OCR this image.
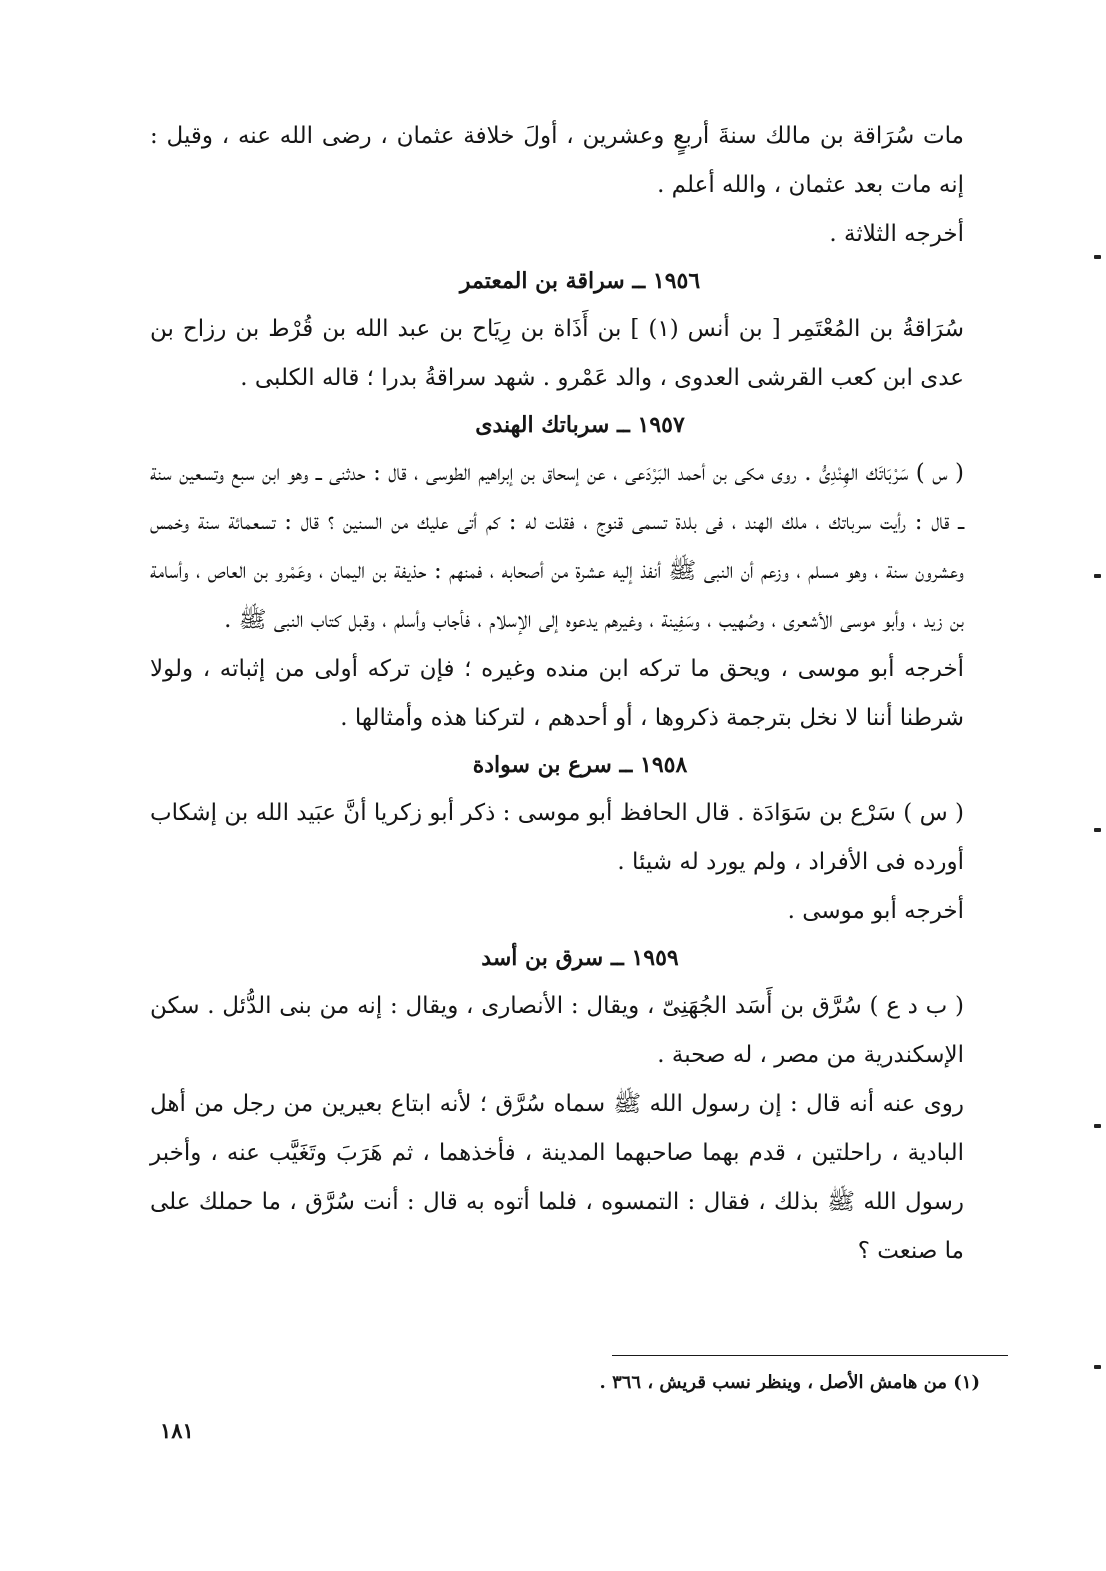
مات سُرَاقة بن مالك سنةَ أربعٍ وعشرين ، أولَ خلافة عثمان ، رضى الله عنه ، وقيل : إنه مات بعد عثمان ، والله أعلم .

أخرجه الثلاثة .

١٩٥٦ ــ سراقة بن المعتمر

سُرَاقةُ بن المُعْتَمِر [ بن أنس (١) ] بن أَذَاة بن رِيَاح بن عبد الله بن قُرْط بن رزاح بن عدى ابن كعب القرشى العدوى ، والد عَمْرو . شهد سراقةُ بدرا ؛ قاله الكلبى .

١٩٥٧ ــ سرباتك الهندى

( س ) سَرْبَاتَك الهِنْدِىُّ . روى مكى بن أحمد البَرْدَعى ، عن إسحاق بن إبراهيم الطوسى ، قال : حدثنى ــ وهو ابن سبع وتسعين سنة ــ قال : رأيت سرباتك ، ملك الهند ، فى بلدة تسمى قنوج ، فقلت له : كم أتى عليك من السنين ؟ قال : تسعمائة سنة وخمس وعشرون سنة ، وهو مسلم ، وزعم أن النبى ﷺ أنفذ إليه عشرة من أصحابه ، فمنهم : حذيفة بن اليمان ، وعَمْرو بن العاص ، وأسامة بن زيد ، وأبو موسى الأشعرى ، وصُهيب ، وسَفِينة ، وغيرهم يدعوه إلى الإسلام ، فأجاب وأسلم ، وقبل كتاب النبى ﷺ .

أخرجه أبو موسى ، ويحق ما تركه ابن منده وغيره ؛ فإن تركه أولى من إثباته ، ولولا شرطنا أننا لا نخل بترجمة ذكروها ، أو أحدهم ، لتركنا هذه وأمثالها .

١٩٥٨ ــ سرع بن سوادة

( س ) سَرْع بن سَوَادَة . قال الحافظ أبو موسى : ذكر أبو زكريا أنَّ عبَيد الله بن إشكاب أورده فى الأفراد ، ولم يورد له شيئا .

أخرجه أبو موسى .

١٩٥٩ ــ سرق بن أسد

( ب د ع ) سُرَّق بن أَسَد الجُهَنِىّ ، ويقال : الأنصارى ، ويقال : إنه من بنى الدُّئل . سكن الإسكندرية من مصر ، له صحبة .

روى عنه أنه قال : إن رسول الله ﷺ سماه سُرَّق ؛ لأنه ابتاع بعيرين من رجل من أهل البادية ، راحلتين ، قدم بهما صاحبهما المدينة ، فأخذهما ، ثم هَرَبَ وتَغَيَّب عنه ، وأخبر رسول الله ﷺ بذلك ، فقال : التمسوه ، فلما أتوه به قال : أنت سُرَّق ، ما حملك على ما صنعت ؟

(١) من هامش الأصل ، وينظر نسب قريش ، ٣٦٦ .
١٨١
